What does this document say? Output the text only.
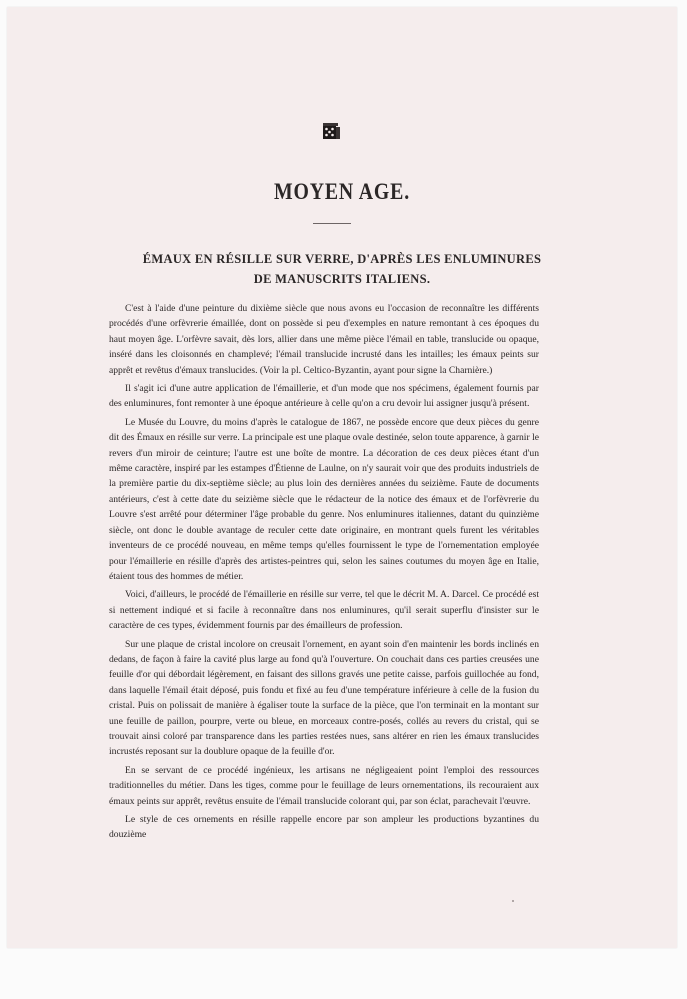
MOYEN AGE.
ÉMAUX EN RÉSILLE SUR VERRE, D'APRÈS LES ENLUMINURES
DE MANUSCRITS ITALIENS.

C'est à l'aide d'une peinture du dixième siècle que nous avons eu l'occasion de reconnaître les différents procédés d'une orfèvrerie émaillée, dont on possède si peu d'exemples en nature remontant à ces époques du haut moyen âge. L'orfèvre savait, dès lors, allier dans une même pièce l'émail en table, translucide ou opaque, inséré dans les cloisonnés en champlevé; l'émail translucide incrusté dans les intailles; les émaux peints sur apprêt et revêtus d'émaux translucides. (Voir la pl. Celtico-Byzantin, ayant pour signe la Charnière.)

Il s'agit ici d'une autre application de l'émaillerie, et d'un mode que nos spécimens, également fournis par des enluminures, font remonter à une époque antérieure à celle qu'on a cru devoir lui assigner jusqu'à présent.

Le Musée du Louvre, du moins d'après le catalogue de 1867, ne possède encore que deux pièces du genre dit des Émaux en résille sur verre. La principale est une plaque ovale destinée, selon toute apparence, à garnir le revers d'un miroir de ceinture; l'autre est une boîte de montre. La décoration de ces deux pièces étant d'un même caractère, inspiré par les estampes d'Étienne de Laulne, on n'y saurait voir que des produits industriels de la première partie du dix-septième siècle; au plus loin des dernières années du seizième. Faute de documents antérieurs, c'est à cette date du seizième siècle que le rédacteur de la notice des émaux et de l'orfèvrerie du Louvre s'est arrêté pour déterminer l'âge probable du genre. Nos enluminures italiennes, datant du quinzième siècle, ont donc le double avantage de reculer cette date originaire, en montrant quels furent les véritables inventeurs de ce procédé nouveau, en même temps qu'elles fournissent le type de l'ornementation employée pour l'émaillerie en résille d'après des artistes-peintres qui, selon les saines coutumes du moyen âge en Italie, étaient tous des hommes de métier.

Voici, d'ailleurs, le procédé de l'émaillerie en résille sur verre, tel que le décrit M. A. Darcel. Ce procédé est si nettement indiqué et si facile à reconnaître dans nos enluminures, qu'il serait superflu d'insister sur le caractère de ces types, évidemment fournis par des émailleurs de profession.

Sur une plaque de cristal incolore on creusait l'ornement, en ayant soin d'en maintenir les bords inclinés en dedans, de façon à faire la cavité plus large au fond qu'à l'ouverture. On couchait dans ces parties creusées une feuille d'or qui débordait légèrement, en faisant des sillons gravés une petite caisse, parfois guillochée au fond, dans laquelle l'émail était déposé, puis fondu et fixé au feu d'une température inférieure à celle de la fusion du cristal. Puis on polissait de manière à égaliser toute la surface de la pièce, que l'on terminait en la montant sur une feuille de paillon, pourpre, verte ou bleue, en morceaux contre-posés, collés au revers du cristal, qui se trouvait ainsi coloré par transparence dans les parties restées nues, sans altérer en rien les émaux translucides incrustés reposant sur la doublure opaque de la feuille d'or.

En se servant de ce procédé ingénieux, les artisans ne négligeaient point l'emploi des ressources traditionnelles du métier. Dans les tiges, comme pour le feuillage de leurs ornementations, ils recouraient aux émaux peints sur apprêt, revêtus ensuite de l'émail translucide colorant qui, par son éclat, parachevait l'œuvre.

Le style de ces ornements en résille rappelle encore par son ampleur les productions byzantines du douzième
